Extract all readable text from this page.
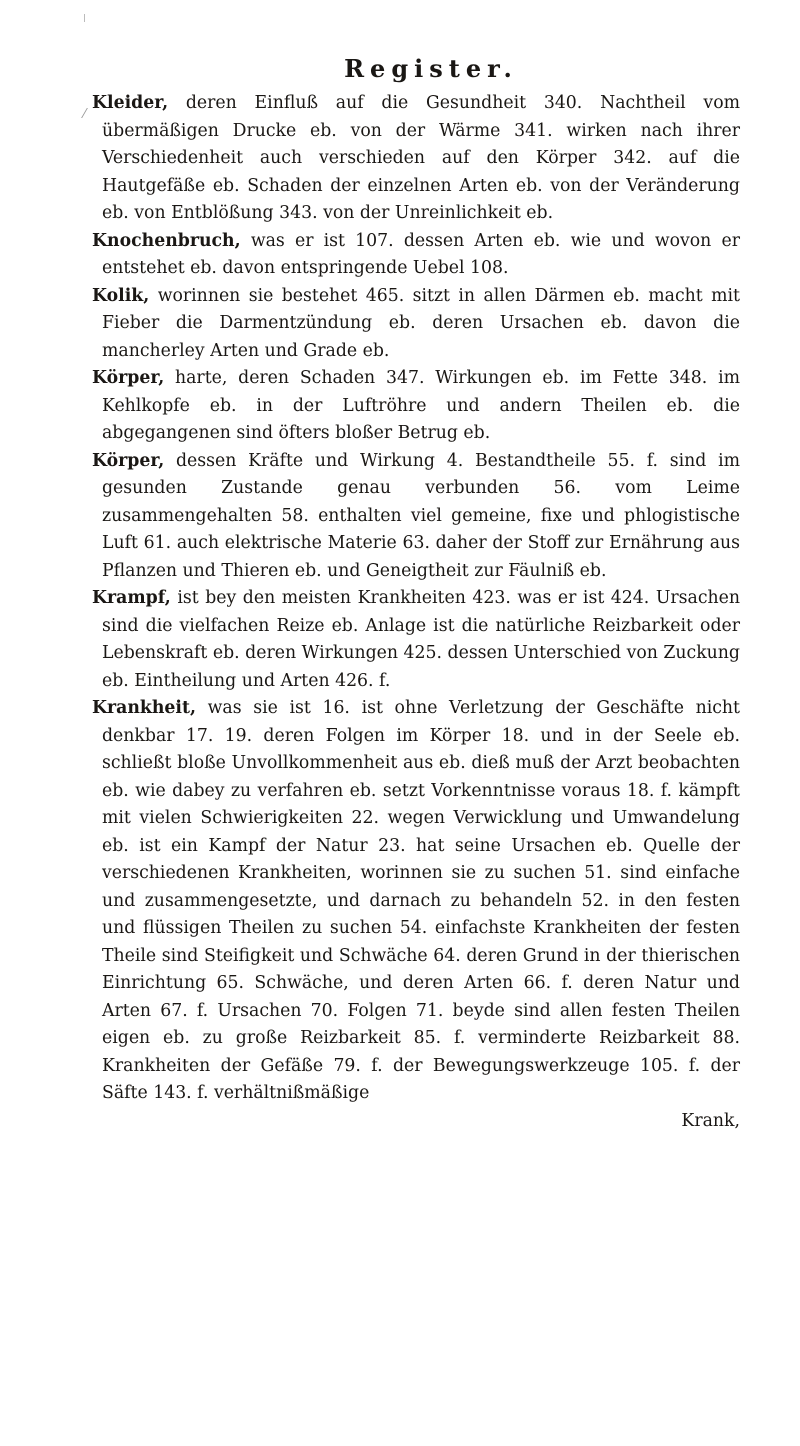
Register.
Kleider, deren Einfluß auf die Gesundheit 340. Nachtheil vom übermäßigen Drucke eb. von der Wärme 341. wirken nach ihrer Verschiedenheit auch verschieden auf den Körper 342. auf die Hautgefäße eb. Schaden der einzelnen Arten eb. von der Veränderung eb. von Entblößung 343. von der Unreinlichkeit eb.
Knochenbruch, was er ist 107. dessen Arten eb. wie und wovon er entstehet eb. davon entspringende Uebel 108.
Kolik, worinnen sie bestehet 465. sitzt in allen Därmen eb. macht mit Fieber die Darmentzündung eb. deren Ursachen eb. davon die mancherley Arten und Grade eb.
Körper, harte, deren Schaden 347. Wirkungen eb. im Fette 348. im Kehlkopfe eb. in der Luftröhre und andern Theilen eb. die abgegangenen sind öfters bloßer Betrug eb.
Körper, dessen Kräfte und Wirkung 4. Bestandtheile 55. f. sind im gesunden Zustande genau verbunden 56. vom Leime zusammengehalten 58. enthalten viel gemeine, fixe und phlogistische Luft 61. auch elektrische Materie 63. daher der Stoff zur Ernährung aus Pflanzen und Thieren eb. und Geneigtheit zur Fäulniß eb.
Krampf, ist bey den meisten Krankheiten 423. was er ist 424. Ursachen sind die vielfachen Reize eb. Anlage ist die natürliche Reizbarkeit oder Lebenskraft eb. deren Wirkungen 425. dessen Unterschied von Zuckung eb. Eintheilung und Arten 426. f.
Krankheit, was sie ist 16. ist ohne Verletzung der Geschäfte nicht denkbar 17. 19. deren Folgen im Körper 18. und in der Seele eb. schließt bloße Unvollkommenheit aus eb. dieß muß der Arzt beobachten eb. wie dabey zu verfahren eb. setzt Vorkenntnisse voraus 18. f. kämpft mit vielen Schwierigkeiten 22. wegen Verwicklung und Umwandelung eb. ist ein Kampf der Natur 23. hat seine Ursachen eb. Quelle der verschiedenen Krankheiten, worinnen sie zu suchen 51. sind einfache und zusammengesetzte, und darnach zu behandeln 52. in den festen und flüssigen Theilen zu suchen 54. einfachste Krankheiten der festen Theile sind Steifigkeit und Schwäche 64. deren Grund in der thierischen Einrichtung 65. Schwäche, und deren Arten 66. f. deren Natur und Arten 67. f. Ursachen 70. Folgen 71. beyde sind allen festen Theilen eigen eb. zu große Reizbarkeit 85. f. verminderte Reizbarkeit 88. Krankheiten der Gefäße 79. f. der Bewegungswerkzeuge 105. f. der Säfte 143. f. verhältnißmäßige

Krank,
